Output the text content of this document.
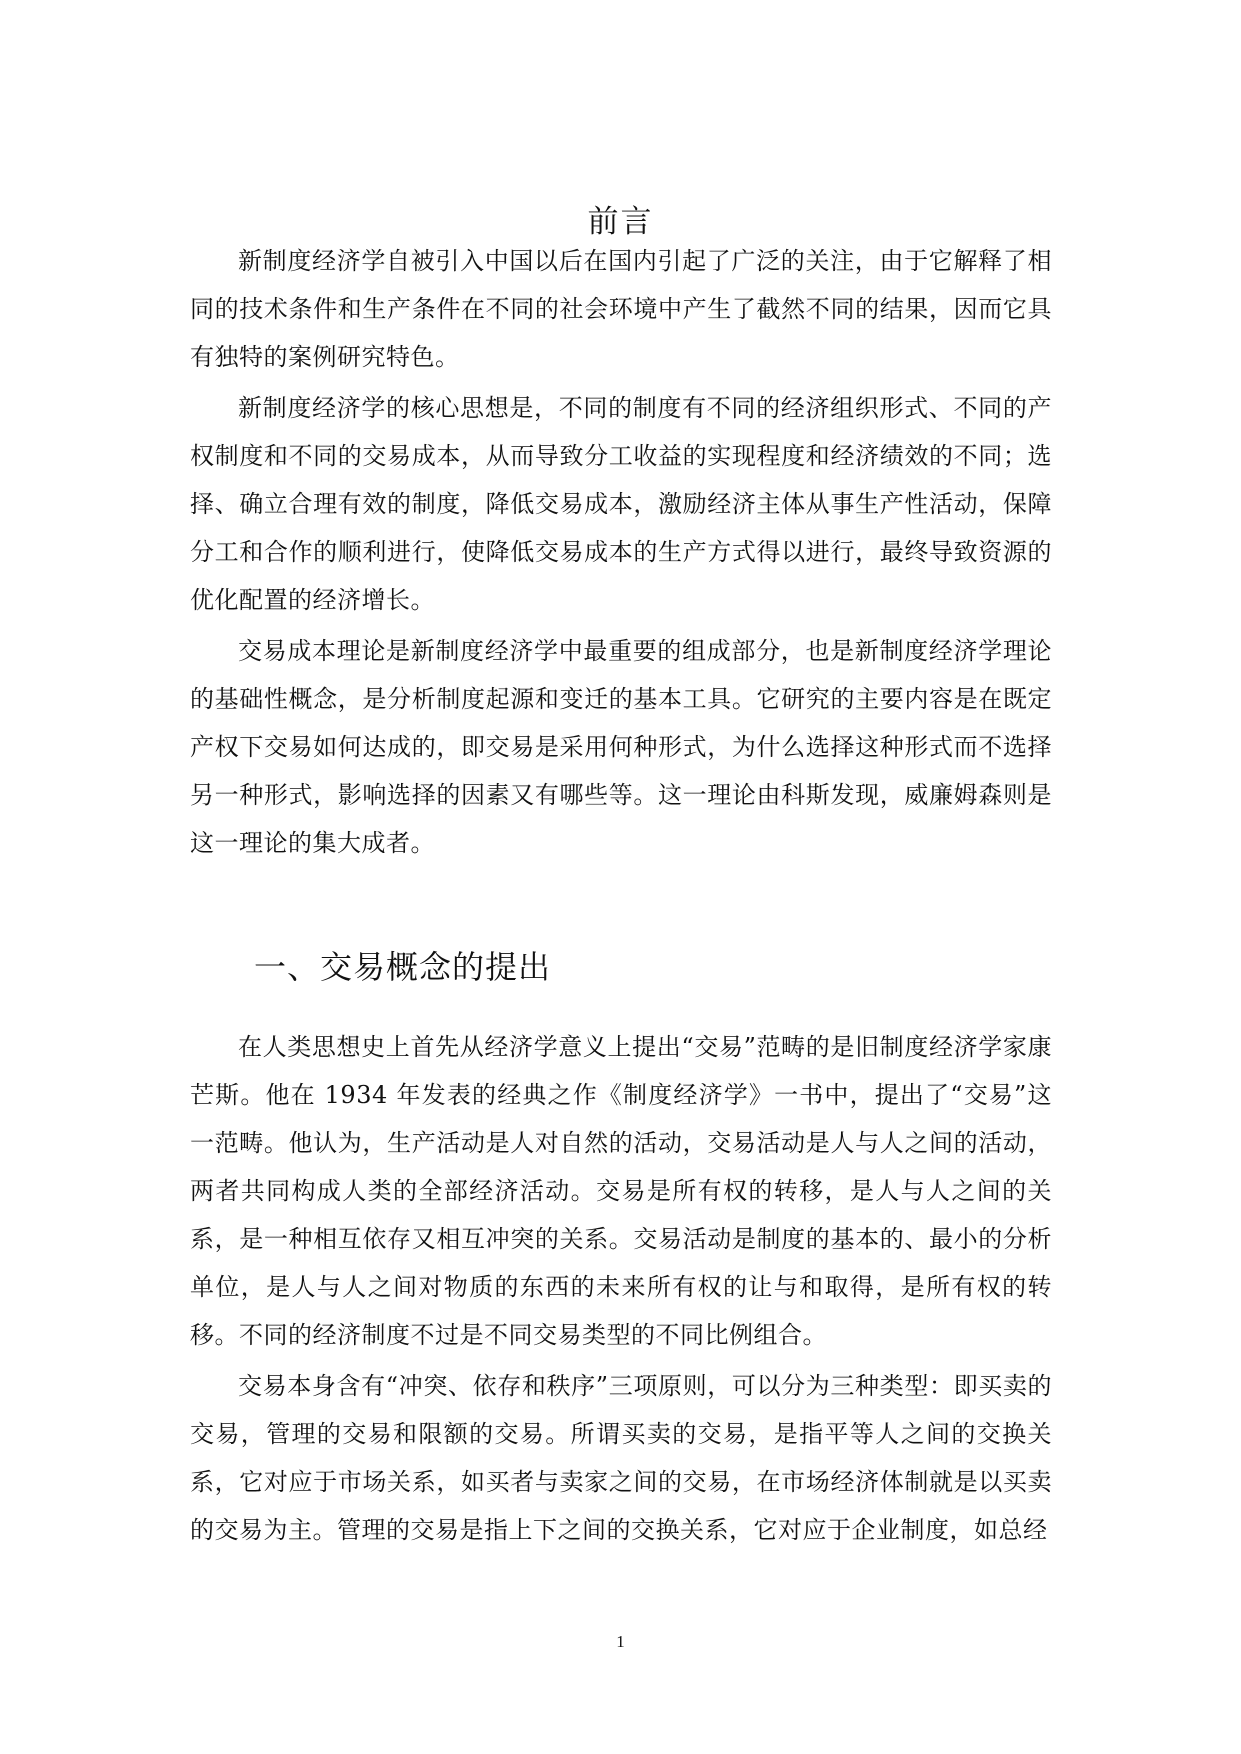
前言

新制度经济学自被引入中国以后在国内引起了广泛的关注，由于它解释了相同的技术条件和生产条件在不同的社会环境中产生了截然不同的结果，因而它具有独特的案例研究特色。

新制度经济学的核心思想是，不同的制度有不同的经济组织形式、不同的产权制度和不同的交易成本，从而导致分工收益的实现程度和经济绩效的不同；选择、确立合理有效的制度，降低交易成本，激励经济主体从事生产性活动，保障分工和合作的顺利进行，使降低交易成本的生产方式得以进行，最终导致资源的优化配置的经济增长。

交易成本理论是新制度经济学中最重要的组成部分，也是新制度经济学理论的基础性概念，是分析制度起源和变迁的基本工具。它研究的主要内容是在既定产权下交易如何达成的，即交易是采用何种形式，为什么选择这种形式而不选择另一种形式，影响选择的因素又有哪些等。这一理论由科斯发现，威廉姆森则是这一理论的集大成者。

一、交易概念的提出

在人类思想史上首先从经济学意义上提出“交易”范畴的是旧制度经济学家康芒斯。他在 1934 年发表的经典之作《制度经济学》一书中，提出了“交易”这一范畴。他认为，生产活动是人对自然的活动，交易活动是人与人之间的活动，两者共同构成人类的全部经济活动。交易是所有权的转移，是人与人之间的关系，是一种相互依存又相互冲突的关系。交易活动是制度的基本的、最小的分析单位，是人与人之间对物质的东西的未来所有权的让与和取得，是所有权的转移。不同的经济制度不过是不同交易类型的不同比例组合。

交易本身含有“冲突、依存和秩序”三项原则，可以分为三种类型：即买卖的交易，管理的交易和限额的交易。所谓买卖的交易，是指平等人之间的交换关系，它对应于市场关系，如买者与卖家之间的交易，在市场经济体制就是以买卖的交易为主。管理的交易是指上下之间的交换关系，它对应于企业制度，如总经

1
